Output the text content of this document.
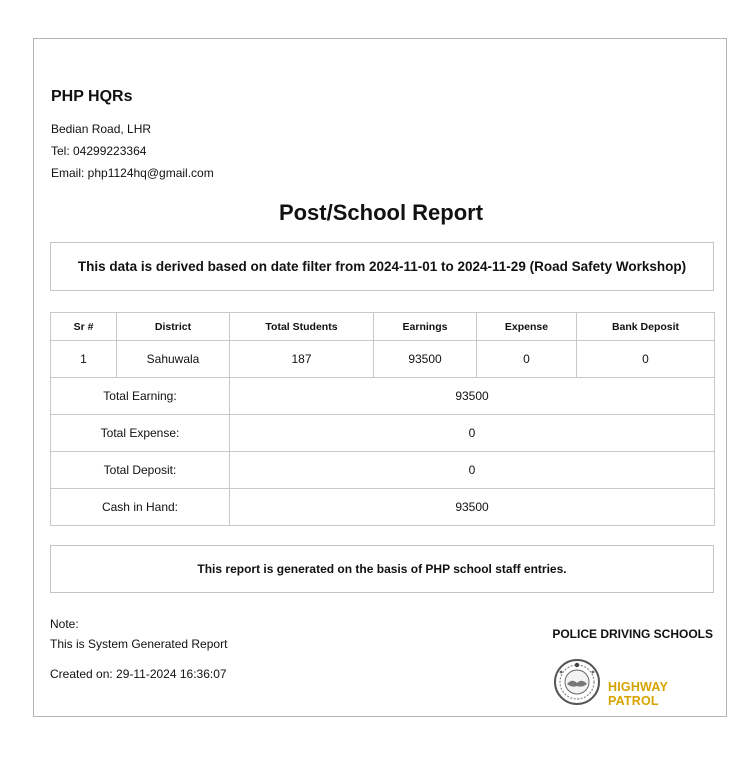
PHP HQRs
Bedian Road, LHR
Tel: 04299223364
Email: php1124hq@gmail.com
Post/School Report
This data is derived based on date filter from 2024-11-01 to 2024-11-29 (Road Safety Workshop)
Sr #	District	Total Students	Earnings	Expense	Bank Deposit
1	Sahuwala	187	93500	0	0
Total Earning:		93500			
Total Expense:		0			
Total Deposit:		0			
Cash in Hand:		93500			
This report is generated on the basis of PHP school staff entries.
Note:
This is System Generated Report
Created on: 29-11-2024 16:36:07
POLICE DRIVING SCHOOLS
HIGHWAY PATROL
